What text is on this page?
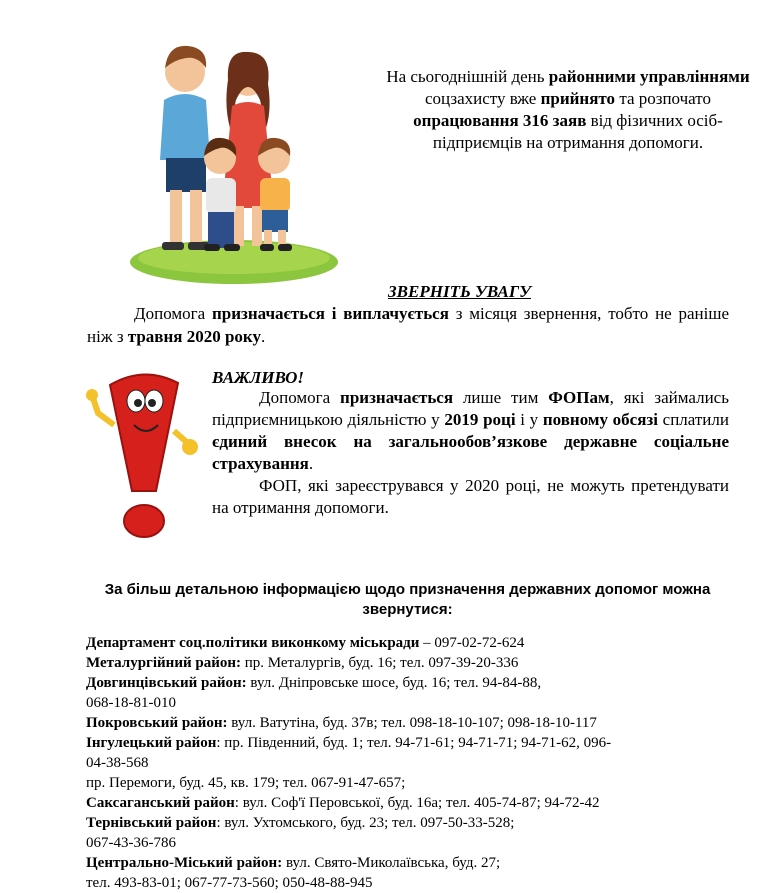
На сьогоднішній день районними управліннями соцзахисту вже прийнято та розпочато опрацювання 316 заяв від фізичних осіб-підприємців на отримання допомоги.
ЗВЕРНІТЬ УВАГУ
Допомога призначається і виплачується з місяця звернення, тобто не раніше ніж з травня 2020 року.
ВАЖЛИВО!

Допомога призначається лише тим ФОПам, які займались підприємницькою діяльністю у 2019 році і у повному обсязі сплатили єдиний внесок на загальнообов’язкове державне соціальне страхування.

ФОП, які зареєструвався у 2020 році, не можуть претендувати на отримання допомоги.

За більш детальною інформацією щодо призначення державних допомог можна звернутися:
Департамент соц.політики виконкому міськради – 097-02-72-624
Металургійний район: пр. Металургів, буд. 16; тел. 097-39-20-336
Довгинцівський район: вул. Дніпровське шосе, буд. 16; тел. 94-84-88,
068-18-81-010
Покровський район: вул. Ватутіна, буд. 37в; тел. 098-18-10-107; 098-18-10-117
Інгулецький район: пр. Південний, буд. 1; тел. 94-71-61; 94-71-71; 94-71-62, 096-
04-38-568
пр. Перемоги, буд. 45, кв. 179; тел. 067-91-47-657;
Саксаганський район: вул. Соф'ї Перовської, буд. 16а; тел. 405-74-87; 94-72-42
Тернівський район: вул. Ухтомського, буд. 23; тел. 097-50-33-528;
067-43-36-786
Центрально-Міський район: вул. Свято-Миколаївська, буд. 27;
тел. 493-83-01; 067-77-73-560; 050-48-88-945
